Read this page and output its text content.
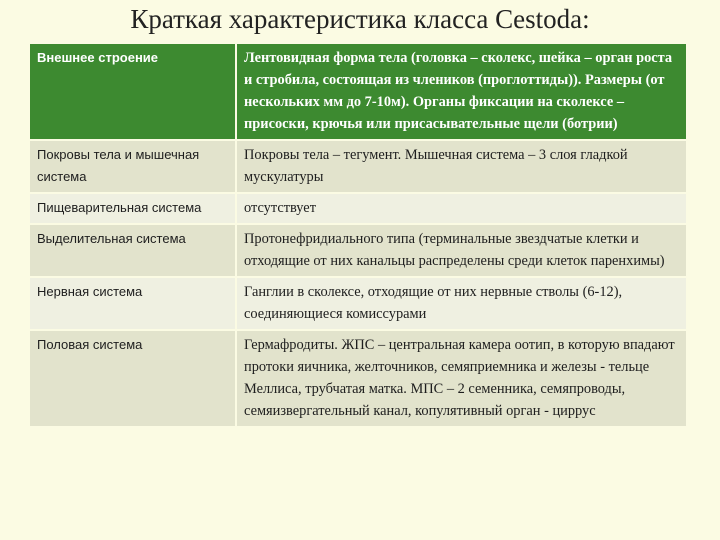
Краткая характеристика класса Cestoda:
Внешнее строение	Лентовидная форма тела (головка – сколекс, шейка – орган роста и стробила, состоящая из члеников (проглоттиды)). Размеры (от нескольких мм до 7-10м). Органы фиксации на сколексе – присоски, крючья или присасывательные щели (ботрии)
Покровы тела и мышечная система	Покровы тела – тегумент. Мышечная система – 3 слоя гладкой мускулатуры
Пищеварительная система	отсутствует
Выделительная система	Протонефридиального типа (терминальные звездчатые клетки и отходящие от них канальцы распределены среди клеток паренхимы)
Нервная система	Ганглии в сколексе, отходящие от них нервные стволы (6-12), соединяющиеся комиссурами
Половая система	Гермафродиты. ЖПС – центральная камера оотип, в которую впадают протоки яичника, желточников, семяприемника и железы - тельце Меллиса, трубчатая матка. МПС – 2 семенника, семяпроводы, семяизвергательный канал, копулятивный орган - циррус
